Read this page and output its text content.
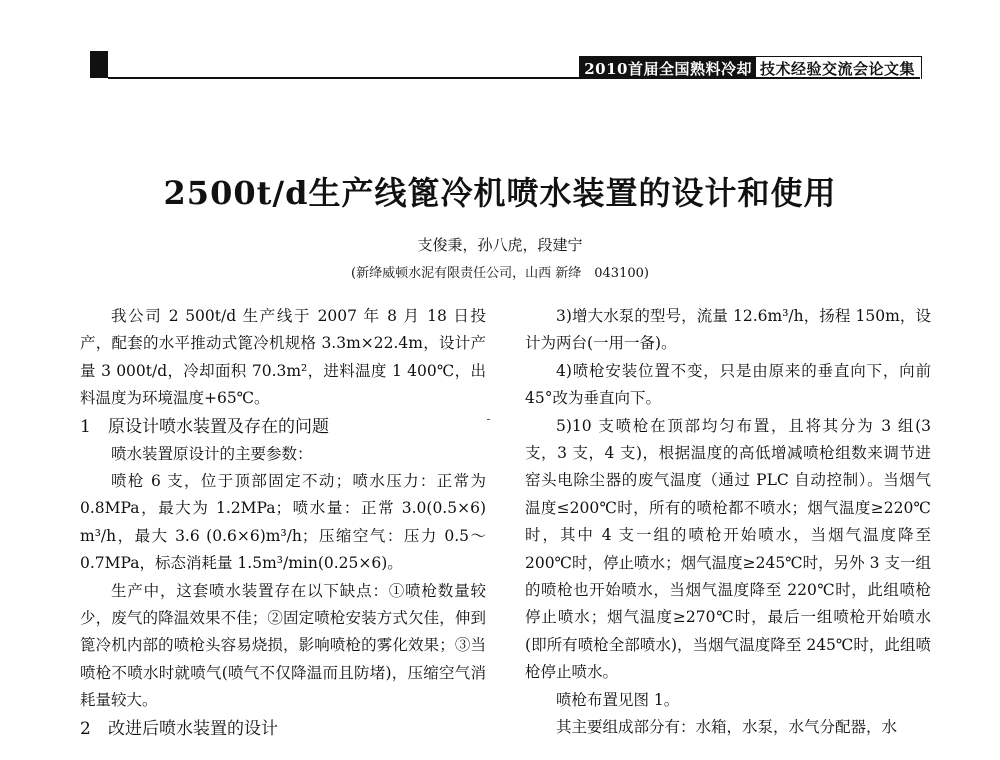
2010首届全国熟料冷却 技术经验交流会论文集
2500t/d生产线篦冷机喷水装置的设计和使用
支俊秉，孙八虎，段建宁
(新绛威顿水泥有限责任公司，山西 新绛　043100)

我公司 2 500t/d 生产线于 2007 年 8 月 18 日投产，配套的水平推动式篦冷机规格 3.3m×22.4m，设计产量 3 000t/d，冷却面积 70.3m²，进料温度 1 400℃，出料温度为环境温度+65℃。

1 原设计喷水装置及存在的问题

喷水装置原设计的主要参数：

喷枪 6 支，位于顶部固定不动；喷水压力：正常为 0.8MPa，最大为 1.2MPa；喷水量：正常 3.0(0.5×6) m³/h，最大 3.6 (0.6×6)m³/h；压缩空气：压力 0.5～0.7MPa，标态消耗量 1.5m³/min(0.25×6)。

生产中，这套喷水装置存在以下缺点：①喷枪数量较少，废气的降温效果不佳；②固定喷枪安装方式欠佳，伸到篦冷机内部的喷枪头容易烧损，影响喷枪的雾化效果；③当喷枪不喷水时就喷气(喷气不仅降温而且防堵)，压缩空气消耗量较大。

2 改进后喷水装置的设计

3)增大水泵的型号，流量 12.6m³/h，扬程 150m，设计为两台(一用一备)。

4)喷枪安装位置不变，只是由原来的垂直向下，向前 45°改为垂直向下。

5)10 支喷枪在顶部均匀布置，且将其分为 3 组(3 支，3 支，4 支)，根据温度的高低增减喷枪组数来调节进窑头电除尘器的废气温度（通过 PLC 自动控制）。当烟气温度≤200℃时，所有的喷枪都不喷水；烟气温度≥220℃时，其中 4 支一组的喷枪开始喷水，当烟气温度降至 200℃时，停止喷水；烟气温度≥245℃时，另外 3 支一组的喷枪也开始喷水，当烟气温度降至 220℃时，此组喷枪停止喷水；烟气温度≥270℃时，最后一组喷枪开始喷水(即所有喷枪全部喷水)，当烟气温度降至 245℃时，此组喷枪停止喷水。

喷枪布置见图 1。

其主要组成部分有：水箱，水泵，水气分配器，水
